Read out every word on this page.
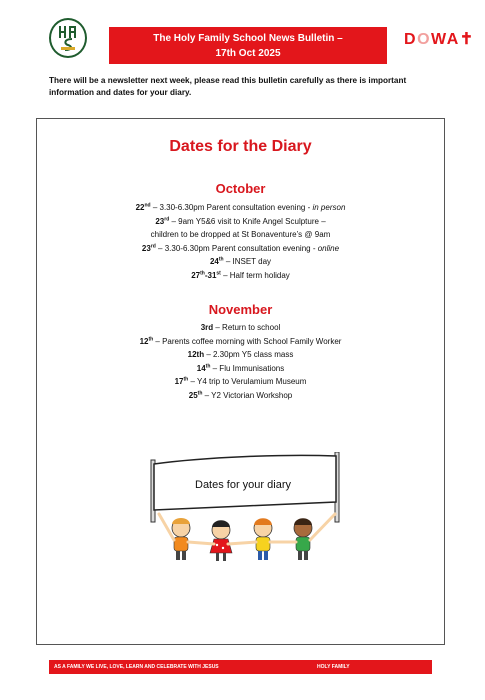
The Holy Family School News Bulletin –
17th Oct 2025
DOWA✝

There will be a newsletter next week, please read this bulletin carefully as there is important information and dates for your diary.

Dates for the Diary
October
22nd – 3.30-6.30pm Parent consultation evening - in person
23rd – 9am Y5&6 visit to Knife Angel Sculpture –
children to be dropped at St Bonaventure’s @ 9am
23rd – 3.30-6.30pm Parent consultation evening - online
24th – INSET day
27th-31st – Half term holiday
November
3rd – Return to school
12th – Parents coffee morning with School Family Worker
12th – 2.30pm Y5 class mass
14th – Flu Immunisations
17th – Y4 trip to Verulamium Museum
25th – Y2 Victorian Workshop
Dates for your diary
AS A FAMILY WE LIVE, LOVE, LEARN AND CELEBRATE WITH JESUS	HOLY FAMILY
